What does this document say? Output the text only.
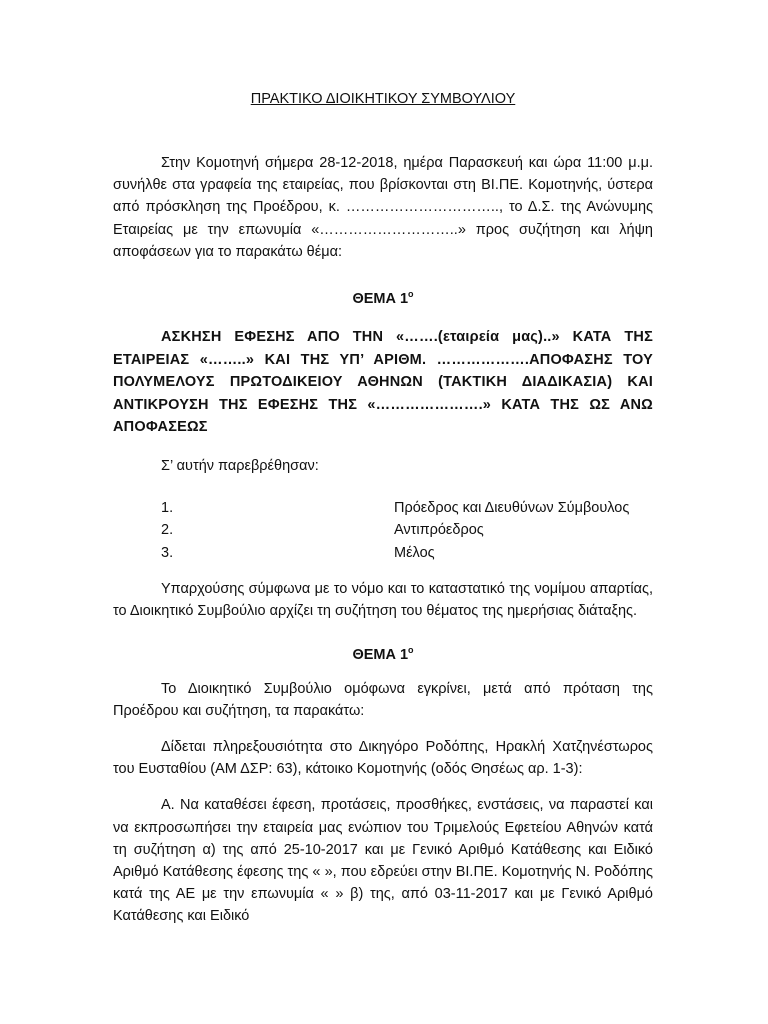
ΠΡΑΚΤΙΚΟ ΔΙΟΙΚΗΤΙΚΟΥ ΣΥΜΒΟΥΛΙΟΥ

Στην Κομοτηνή σήμερα 28-12-2018, ημέρα Παρασκευή και ώρα 11:00 μ.μ. συνήλθε στα γραφεία της εταιρείας, που βρίσκονται στη ΒΙ.ΠΕ. Κομοτηνής, ύστερα από πρόσκληση της Προέδρου, κ. ………………………….., το Δ.Σ. της Ανώνυμης Εταιρείας με την επωνυμία «………………………..» προς συζήτηση και λήψη αποφάσεων για το παρακάτω θέμα:

ΘΕΜΑ $1^o$

ΑΣΚΗΣΗ ΕΦΕΣΗΣ ΑΠΟ ΤΗΝ «…….(εταιρεία μας)..» ΚΑΤΑ ΤΗΣ ΕΤΑΙΡΕΙΑΣ «……..» ΚΑΙ ΤΗΣ ΥΠ’ ΑΡΙΘΜ. ……………….ΑΠΟΦΑΣΗΣ ΤΟΥ ΠΟΛΥΜΕΛΟΥΣ ΠΡΩΤΟΔΙΚΕΙΟΥ ΑΘΗΝΩΝ (ΤΑΚΤΙΚΗ ΔΙΑΔΙΚΑΣΙΑ) ΚΑΙ ΑΝΤΙΚΡΟΥΣΗ ΤΗΣ ΕΦΕΣΗΣ ΤΗΣ «………………….» ΚΑΤΑ ΤΗΣ ΩΣ ΑΝΩ ΑΠΟΦΑΣΕΩΣ

Σ’ αυτήν παρεβρέθησαν:

1.	Πρόεδρος και Διευθύνων Σύμβουλος
2.	Αντιπρόεδρος
3.	Μέλος

Υπαρχούσης σύμφωνα με το νόμο και το καταστατικό της νομίμου απαρτίας, το Διοικητικό Συμβούλιο αρχίζει τη συζήτηση του θέματος της ημερήσιας διάταξης.

ΘΕΜΑ $1^o$

Το Διοικητικό Συμβούλιο ομόφωνα εγκρίνει, μετά από πρόταση της Προέδρου και συζήτηση, τα παρακάτω:

Δίδεται πληρεξουσιότητα στο Δικηγόρο Ροδόπης, Ηρακλή Χατζηνέστωρος του Ευσταθίου (ΑΜ ΔΣΡ: 63), κάτοικο Κομοτηνής (οδός Θησέως αρ. 1-3):

Α. Να καταθέσει έφεση, προτάσεις, προσθήκες, ενστάσεις, να παραστεί και να εκπροσωπήσει την εταιρεία μας ενώπιον του Τριμελούς Εφετείου Αθηνών κατά τη συζήτηση α) της από 25-10-2017 και με Γενικό Αριθμό Κατάθεσης και Ειδικό Αριθμό Κατάθεσης έφεσης της « », που εδρεύει στην ΒΙ.ΠΕ. Κομοτηνής Ν. Ροδόπης κατά της ΑΕ με την επωνυμία « » β) της, από 03-11-2017 και με Γενικό Αριθμό Κατάθεσης και Ειδικό
